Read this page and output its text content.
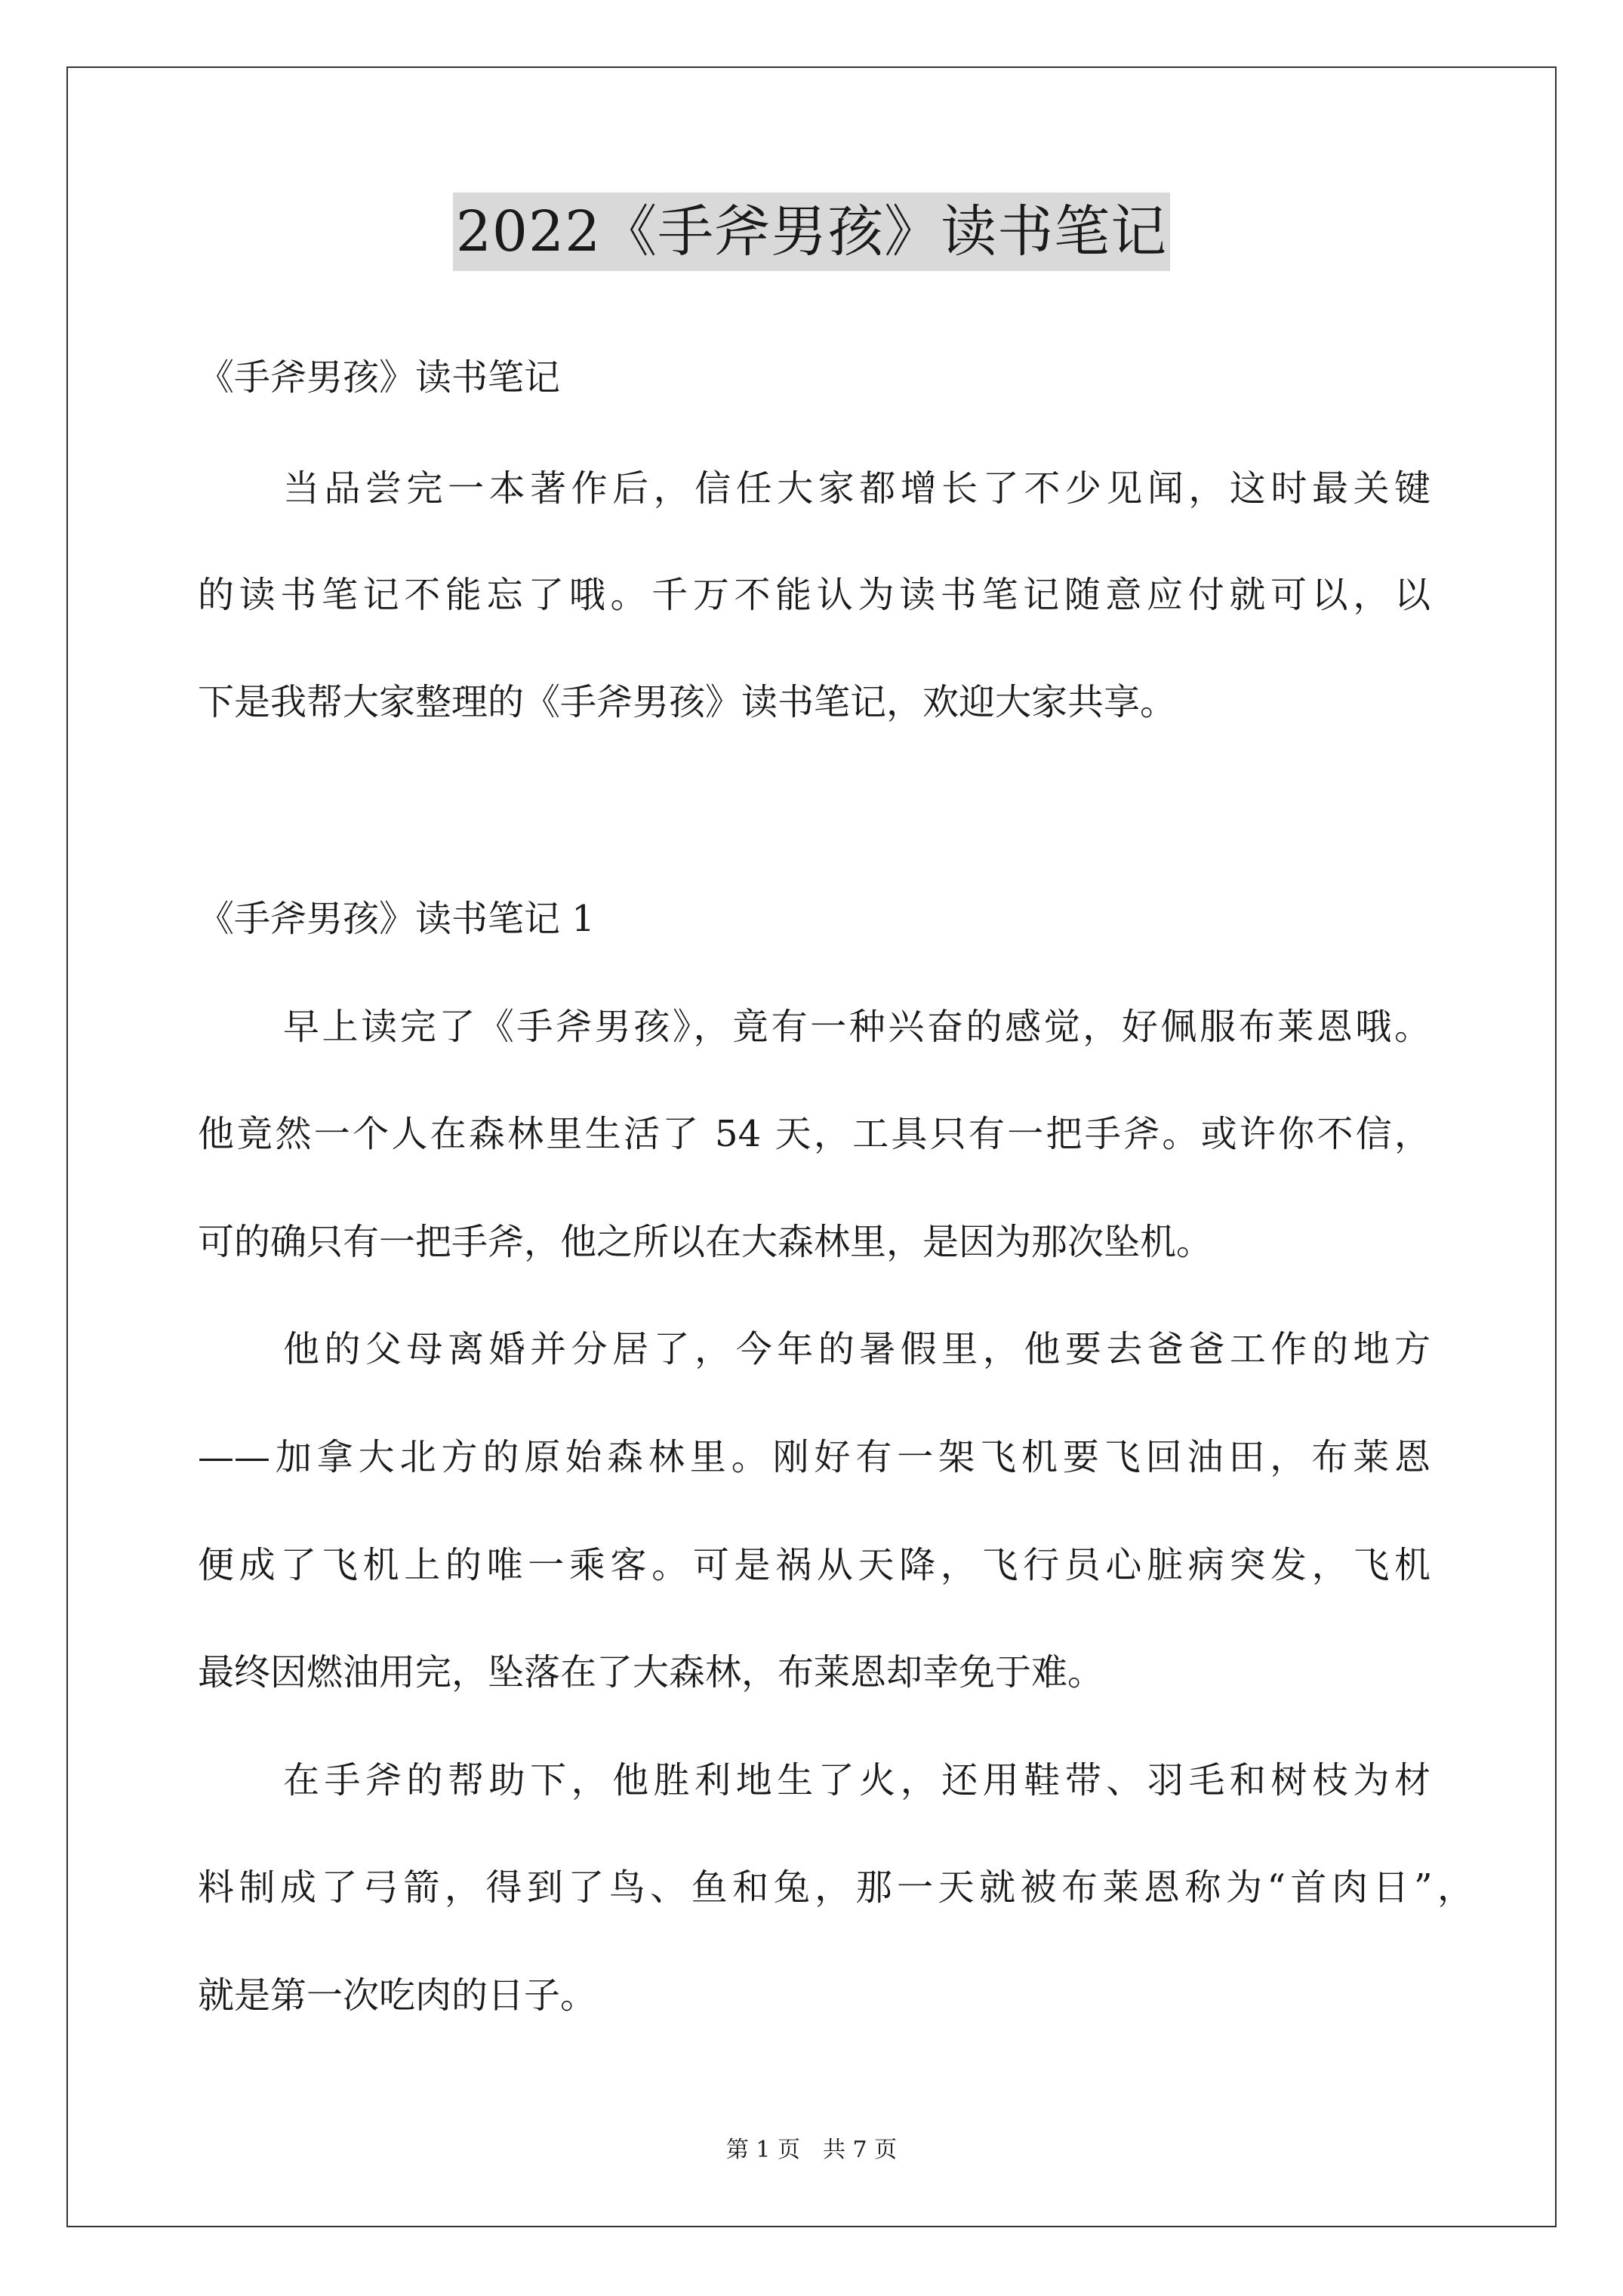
2022《手斧男孩》读书笔记
《手斧男孩》读书笔记
当品尝完一本著作后，信任大家都增长了不少见闻，这时最关键
的读书笔记不能忘了哦。千万不能认为读书笔记随意应付就可以，以
下是我帮大家整理的《手斧男孩》读书笔记，欢迎大家共享。
《手斧男孩》读书笔记 1
早上读完了《手斧男孩》，竟有一种兴奋的感觉，好佩服布莱恩哦。
他竟然一个人在森林里生活了 54 天，工具只有一把手斧。或许你不信，
可的确只有一把手斧，他之所以在大森林里，是因为那次坠机。
他的父母离婚并分居了，今年的暑假里，他要去爸爸工作的地方
——加拿大北方的原始森林里。刚好有一架飞机要飞回油田，布莱恩
便成了飞机上的唯一乘客。可是祸从天降，飞行员心脏病突发，飞机
最终因燃油用完，坠落在了大森林，布莱恩却幸免于难。
在手斧的帮助下，他胜利地生了火，还用鞋带、羽毛和树枝为材
料制成了弓箭，得到了鸟、鱼和兔，那一天就被布莱恩称为“首肉日”，
就是第一次吃肉的日子。
第 1 页　共 7 页
